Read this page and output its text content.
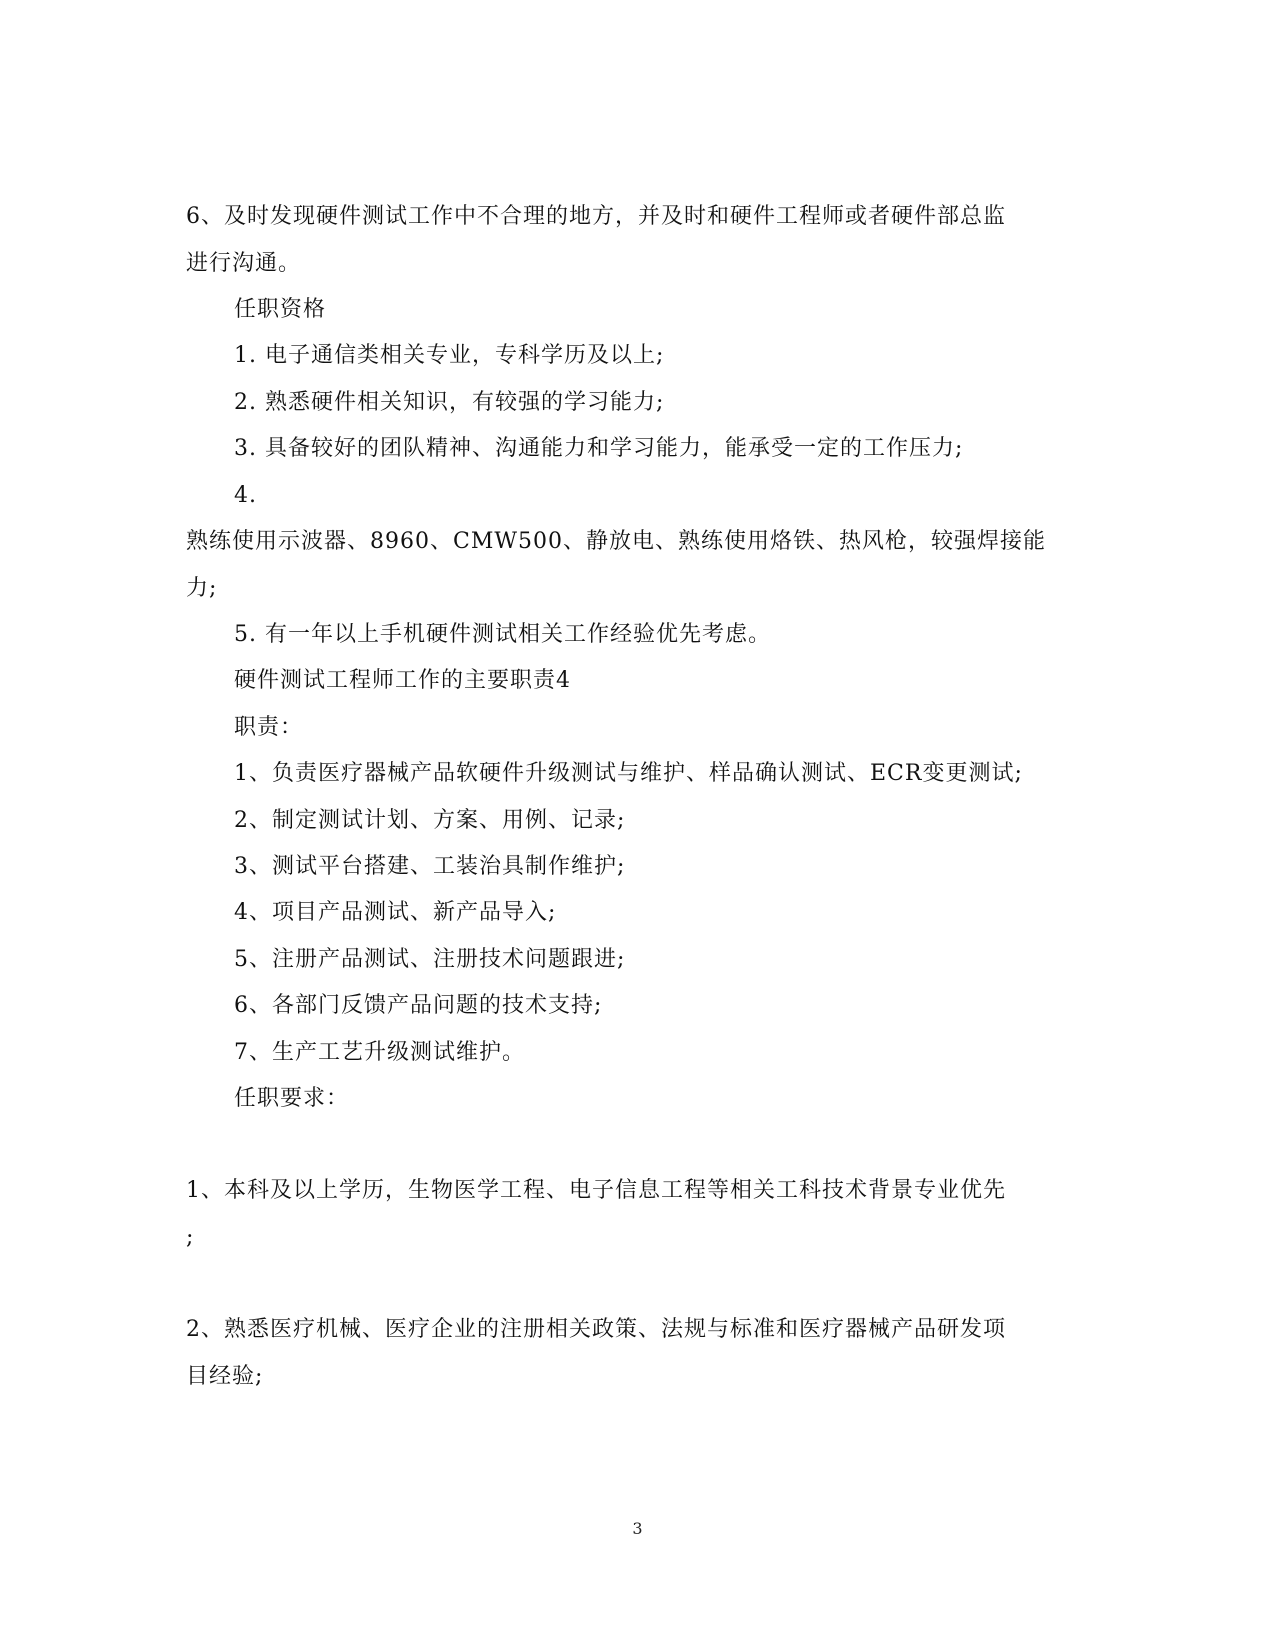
6、及时发现硬件测试工作中不合理的地方，并及时和硬件工程师或者硬件部总监
进行沟通。
任职资格
1. 电子通信类相关专业，专科学历及以上;
2. 熟悉硬件相关知识，有较强的学习能力;
3. 具备较好的团队精神、沟通能力和学习能力，能承受一定的工作压力;
4.
熟练使用示波器、8960、CMW500、静放电、熟练使用烙铁、热风枪，较强焊接能
力;
5. 有一年以上手机硬件测试相关工作经验优先考虑。
硬件测试工程师工作的主要职责4
职责：
1、负责医疗器械产品软硬件升级测试与维护、样品确认测试、ECR变更测试;
2、制定测试计划、方案、用例、记录;
3、测试平台搭建、工装治具制作维护;
4、项目产品测试、新产品导入;
5、注册产品测试、注册技术问题跟进;
6、各部门反馈产品问题的技术支持;
7、生产工艺升级测试维护。
任职要求：
1、本科及以上学历，生物医学工程、电子信息工程等相关工科技术背景专业优先
;
2、熟悉医疗机械、医疗企业的注册相关政策、法规与标准和医疗器械产品研发项
目经验;
3
